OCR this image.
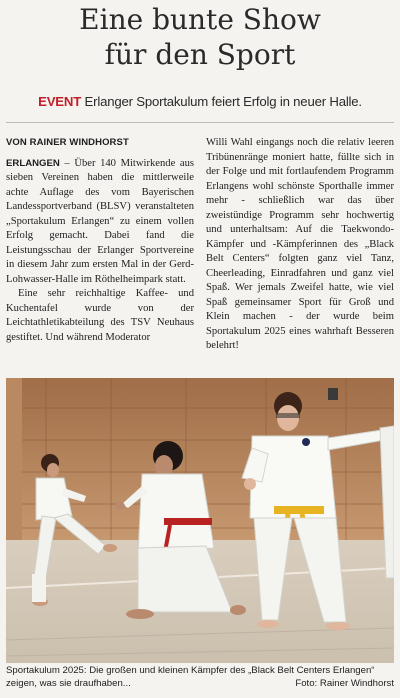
Eine bunte Show
für den Sport
EVENT Erlanger Sportakulum feiert Erfolg in neuer Halle.
VON RAINER WINDHORST

ERLANGEN – Über 140 Mitwirkende aus sieben Vereinen haben die mittlerweile achte Auflage des vom Bayerischen Landessportverband (BLSV) veranstalteten „Sportakulum Erlangen“ zu einem vollen Erfolg gemacht. Dabei fand die Leistungsschau der Erlanger Sportvereine in diesem Jahr zum ersten Mal in der Gerd-Lohwasser-Halle im Röthelheimpark statt.

Eine sehr reichhaltige Kaffee- und Kuchentafel wurde von der Leichtathletikabteilung des TSV Neuhaus gestiftet. Und während Moderator

Willi Wahl eingangs noch die relativ leeren Tribünenränge moniert hatte, füllte sich in der Folge und mit fortlaufendem Programm Erlangens wohl schönste Sporthalle immer mehr - schließlich war das über zweistündige Programm sehr hochwertig und unterhaltsam: Auf die Taekwondo-Kämpfer und -Kämpferinnen des „Black Belt Centers“ folgten ganz viel Tanz, Cheerleading, Einradfahren und ganz viel Spaß. Wer jemals Zweifel hatte, wie viel Spaß gemeinsamer Sport für Groß und Klein machen - der wurde beim Sportakulum 2025 eines wahrhaft Besseren belehrt!

Sportakulum 2025: Die großen und kleinen Kämpfer des „Black Belt Centers Erlangen“
zeigen, was sie draufhaben...	Foto: Rainer Windhorst
